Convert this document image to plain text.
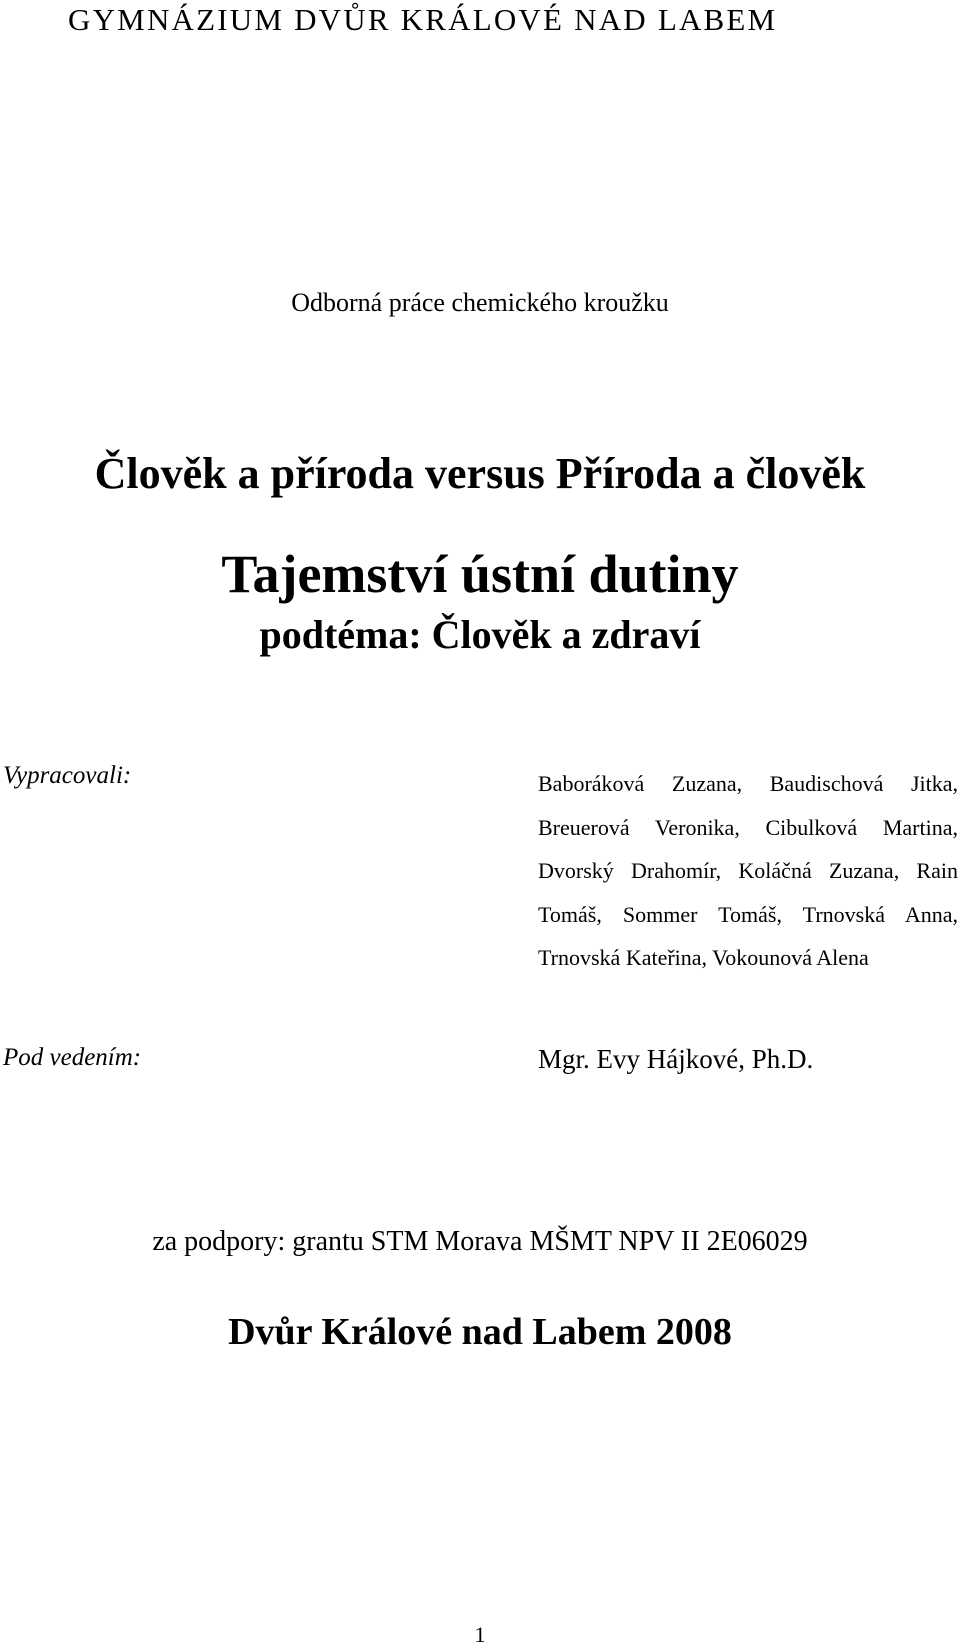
GYMNÁZIUM DVŮR KRÁLOVÉ NAD LABEM

Odborná práce chemického kroužku

Člověk a příroda versus Příroda a člověk
Tajemství ústní dutiny
podtéma: Člověk a zdraví
Vypracovali:	Baboráková Zuzana, Baudischová Jitka, Breuerová Veronika, Cibulková Martina, Dvorský Drahomír, Koláčná Zuzana, Rain Tomáš, Sommer Tomáš, Trnovská Anna, Trnovská Kateřina, Vokounová Alena

Pod vedením:	Mgr. Evy Hájkové, Ph.D.

za podpory: grantu STM Morava MŠMT NPV II 2E06029

Dvůr Králové nad Labem 2008

1
